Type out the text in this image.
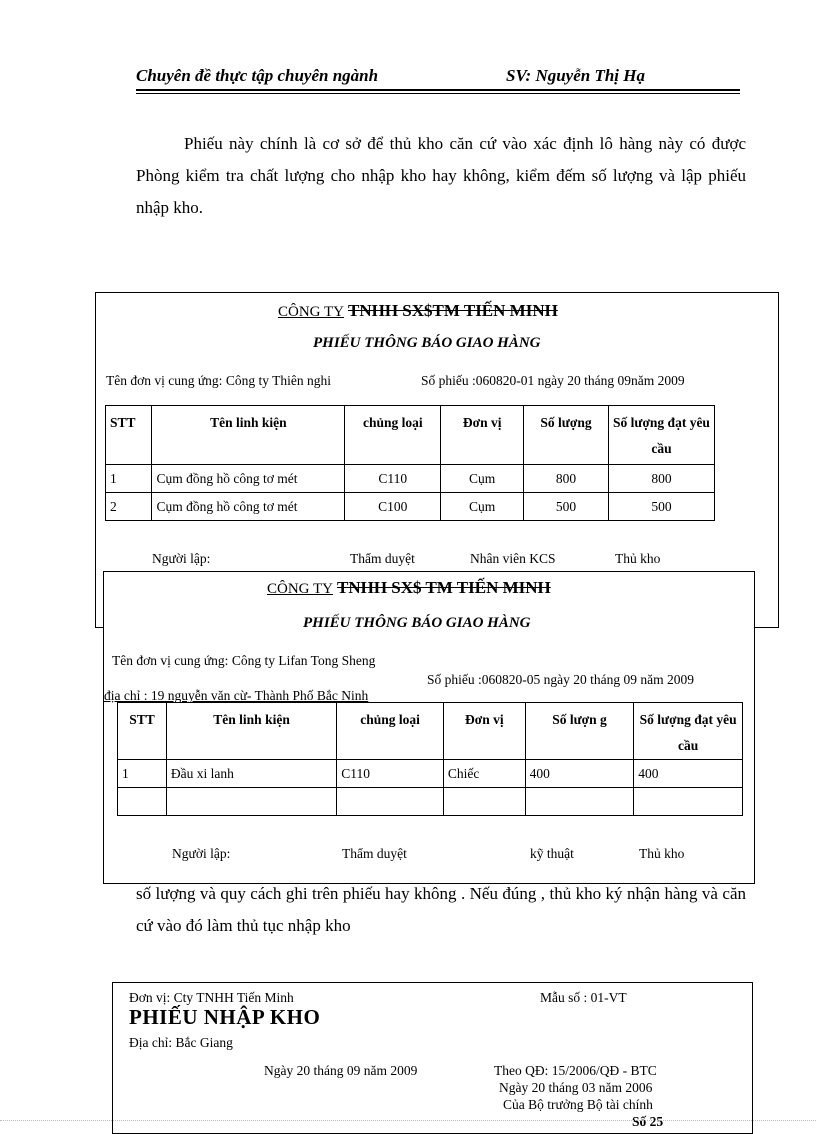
Chuyên đề thực tập chuyên ngành	SV: Nguyễn Thị Hạ
Phiếu này chính là cơ sở để thủ kho căn cứ vào xác định lô hàng này có được Phòng kiểm tra chất lượng cho nhập kho hay không, kiểm đếm số lượng và lập phiếu nhập kho.
CÔNG TY TNHH SX$TM TIẾN MINH
PHIẾU THÔNG BÁO GIAO HÀNG
Tên đơn vị cung ứng: Công ty Thiên nghi	Số phiếu :060820-01 ngày 20 tháng 09năm 2009
STT	Tên linh kiện	chủng loại	Đơn vị	Số lượng	Số lượng đạt yêu cầu
1	Cụm đồng hồ công tơ mét	C110	Cụm	800	800
2	Cụm đồng hồ công tơ mét	C100	Cụm	500	500
Người lập:	Thẩm duyệt	Nhân viên KCS	Thủ kho
CÔNG TY TNHH SX$ TM TIẾN MINH
PHIẾU THÔNG BÁO GIAO HÀNG
Tên đơn vị cung ứng: Công ty Lifan Tong Sheng
Số phiếu :060820-05 ngày 20 tháng 09 năm 2009
địa chỉ : 19 nguyễn văn cừ- Thành Phố Bắc Ninh
STT	Tên linh kiện	chủng loại	Đơn vị	Số lượn g	Số lượng đạt yêu cầu
1	Đầu xi lanh	C110	Chiếc	400	400

Người lập:	Thẩm duyệt	kỹ thuật	Thủ kho
số lượng và quy cách ghi trên phiếu hay không . Nếu đúng , thủ kho ký nhận hàng và căn cứ vào đó làm thủ tục nhập kho
Đơn vị: Cty TNHH Tiến Minh	Mẫu số : 01-VT
PHIẾU NHẬP KHO
Địa chỉ: Bắc Giang
Ngày 20 tháng 09 năm 2009	Theo QĐ: 15/2006/QĐ - BTC
Ngày 20 tháng 03 năm 2006
Của Bộ trưởng Bộ tài chính
Số 25
